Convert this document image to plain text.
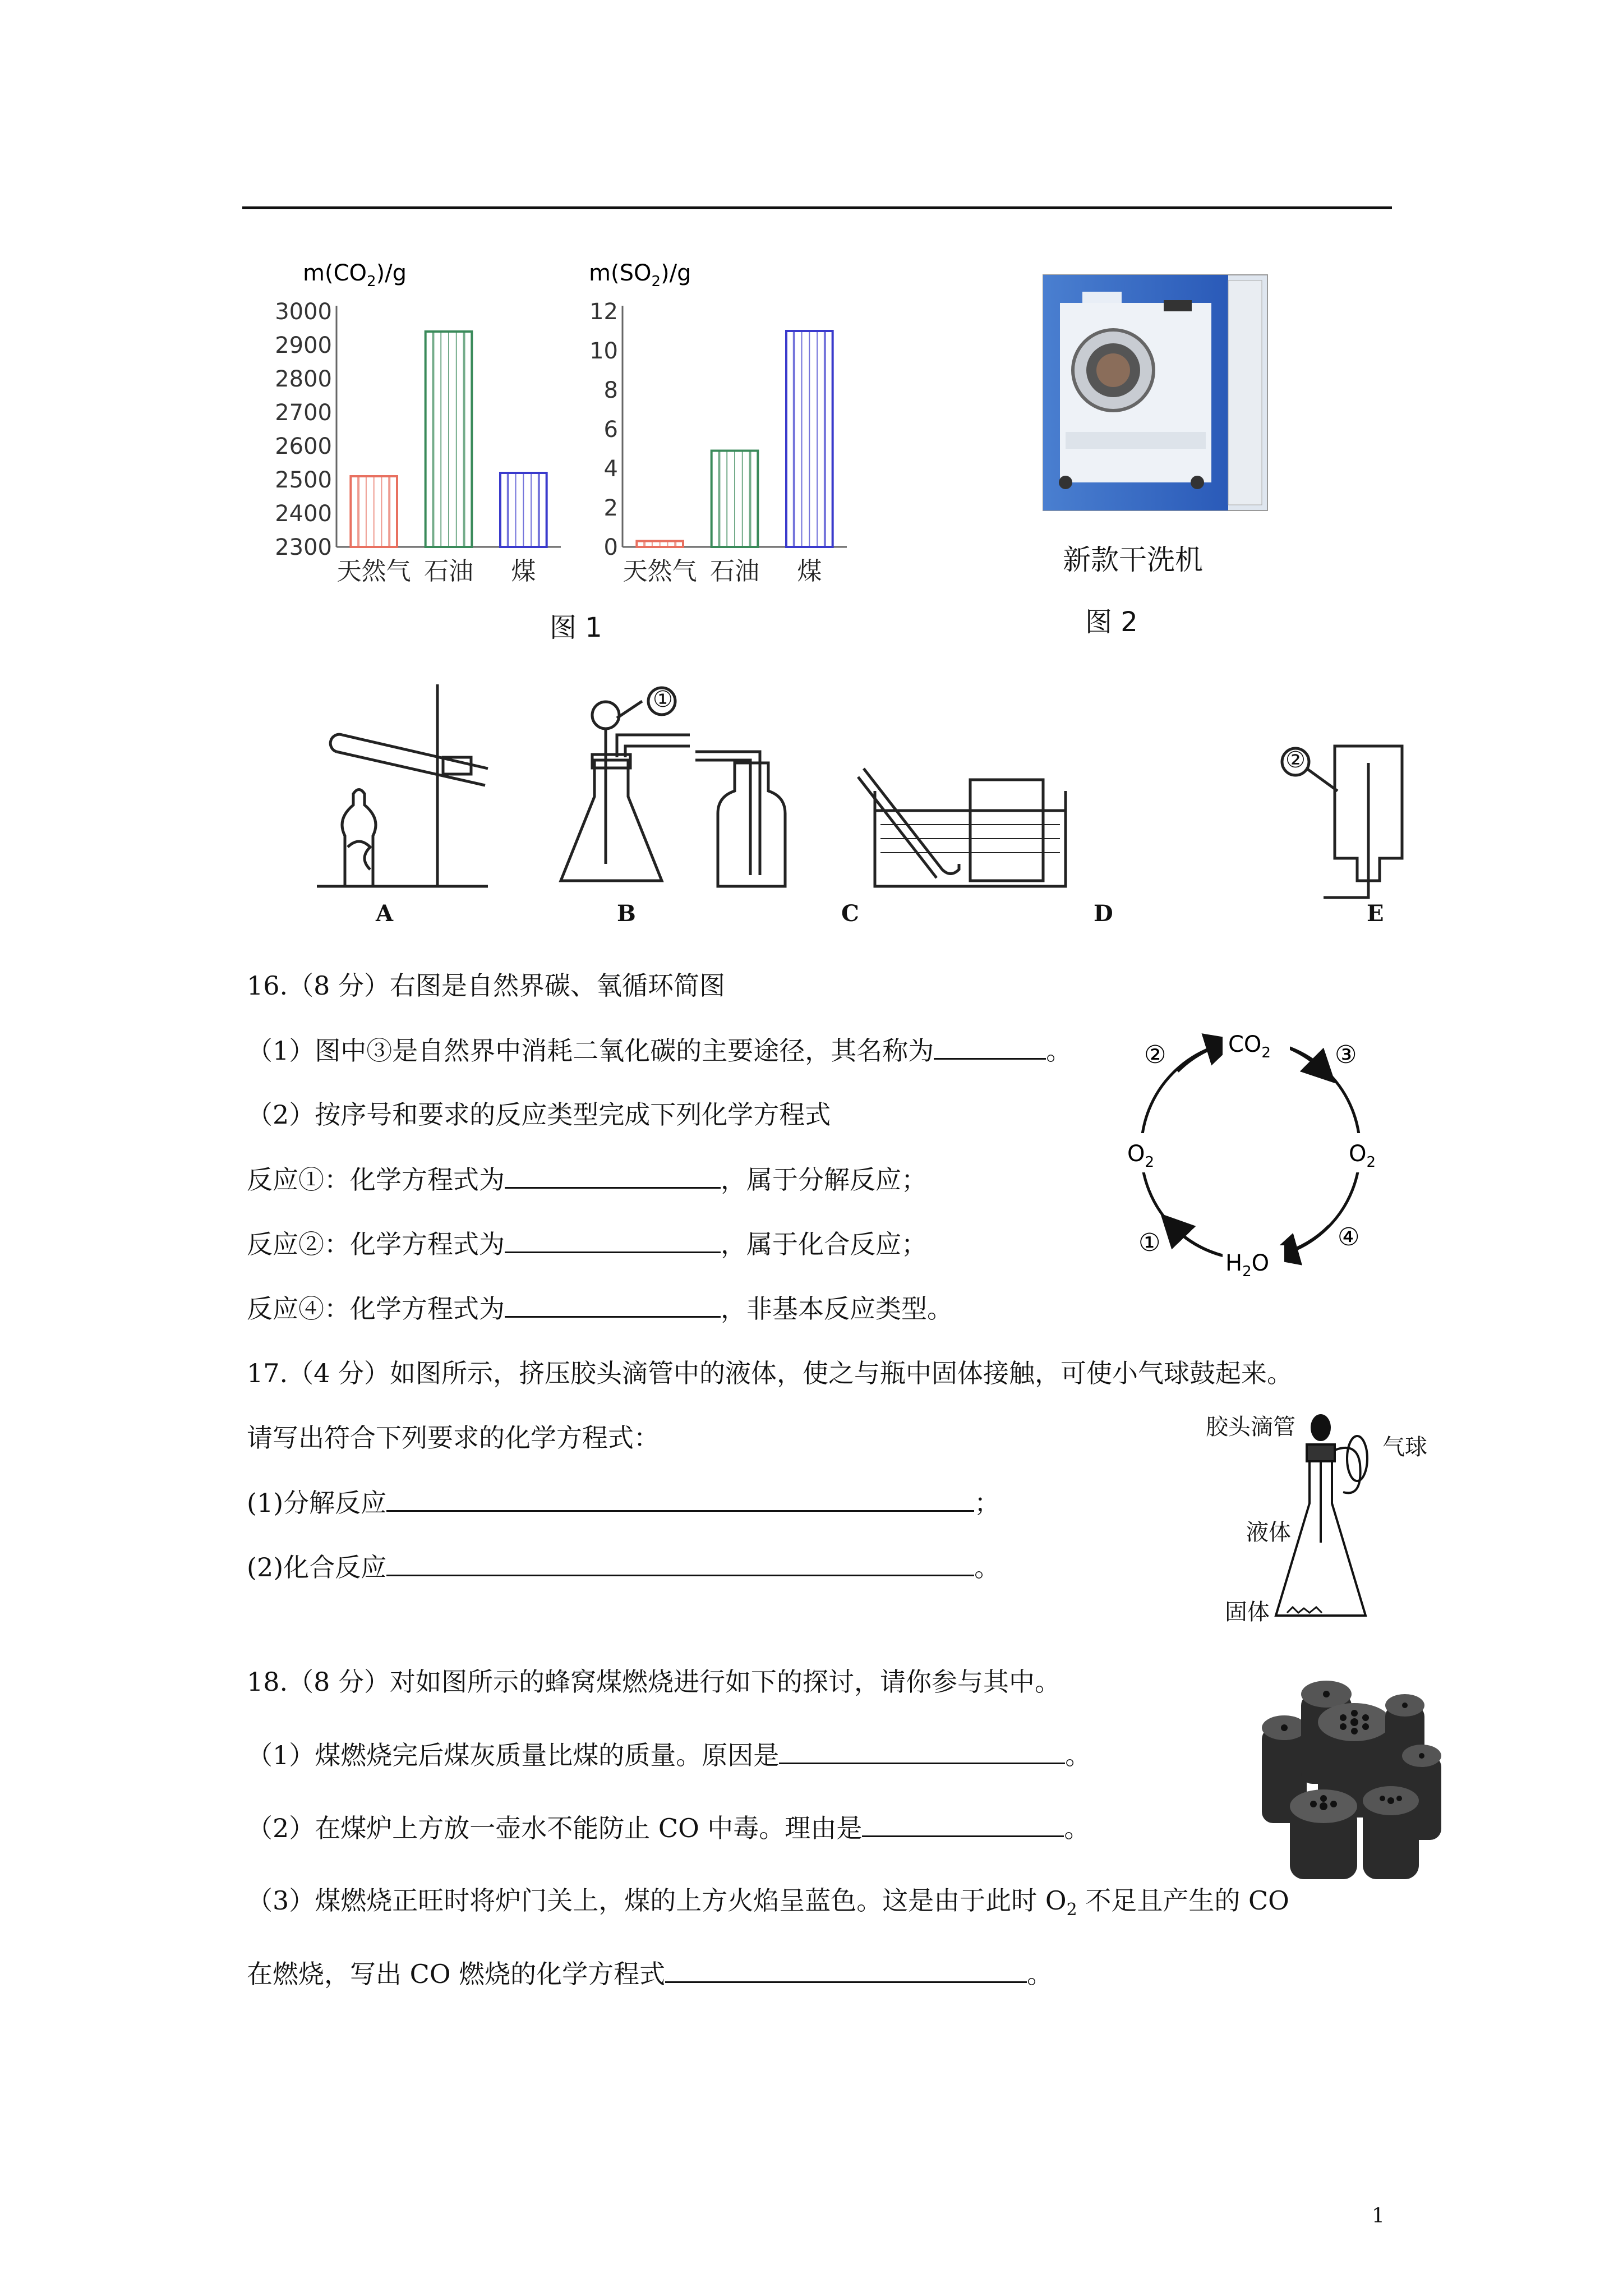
$m(CO_2)/g$
3000
2900
2800
2700
2600
2500
2400
2300
天然气 石油 煤
$m(SO_2)/g$
12
10
8
6
4
2
0
天然气 石油 煤
图 1
新款干洗机
图 2
①
②
A	B	C	D	E
16.（8 分）右图是自然界碳、氧循环简图
（1）图中③是自然界中消耗二氧化碳的主要途径，其名称为	。
（2）按序号和要求的反应类型完成下列化学方程式
反应①：化学方程式为	，属于分解反应；
反应②：化学方程式为	，属于化合反应；
反应④：化学方程式为	，非基本反应类型。
$CO_2$
$O_2$	$O_2$
$H_2O$
②	③
①	④
17.（4 分）如图所示，挤压胶头滴管中的液体，使之与瓶中固体接触，可使小气球鼓起来。
请写出符合下列要求的化学方程式：
(1)分解反应	；
(2)化合反应	。
胶头滴管
气球
液体
固体
18.（8 分）对如图所示的蜂窝煤燃烧进行如下的探讨，请你参与其中。
（1）煤燃烧完后煤灰质量比煤的质量。原因是	。
（2）在煤炉上方放一壶水不能防止 CO 中毒。理由是	。
（3）煤燃烧正旺时将炉门关上，煤的上方火焰呈蓝色。这是由于此时 $O_2$ 不足且产生的 CO
在燃烧，写出 CO 燃烧的化学方程式	。
1
